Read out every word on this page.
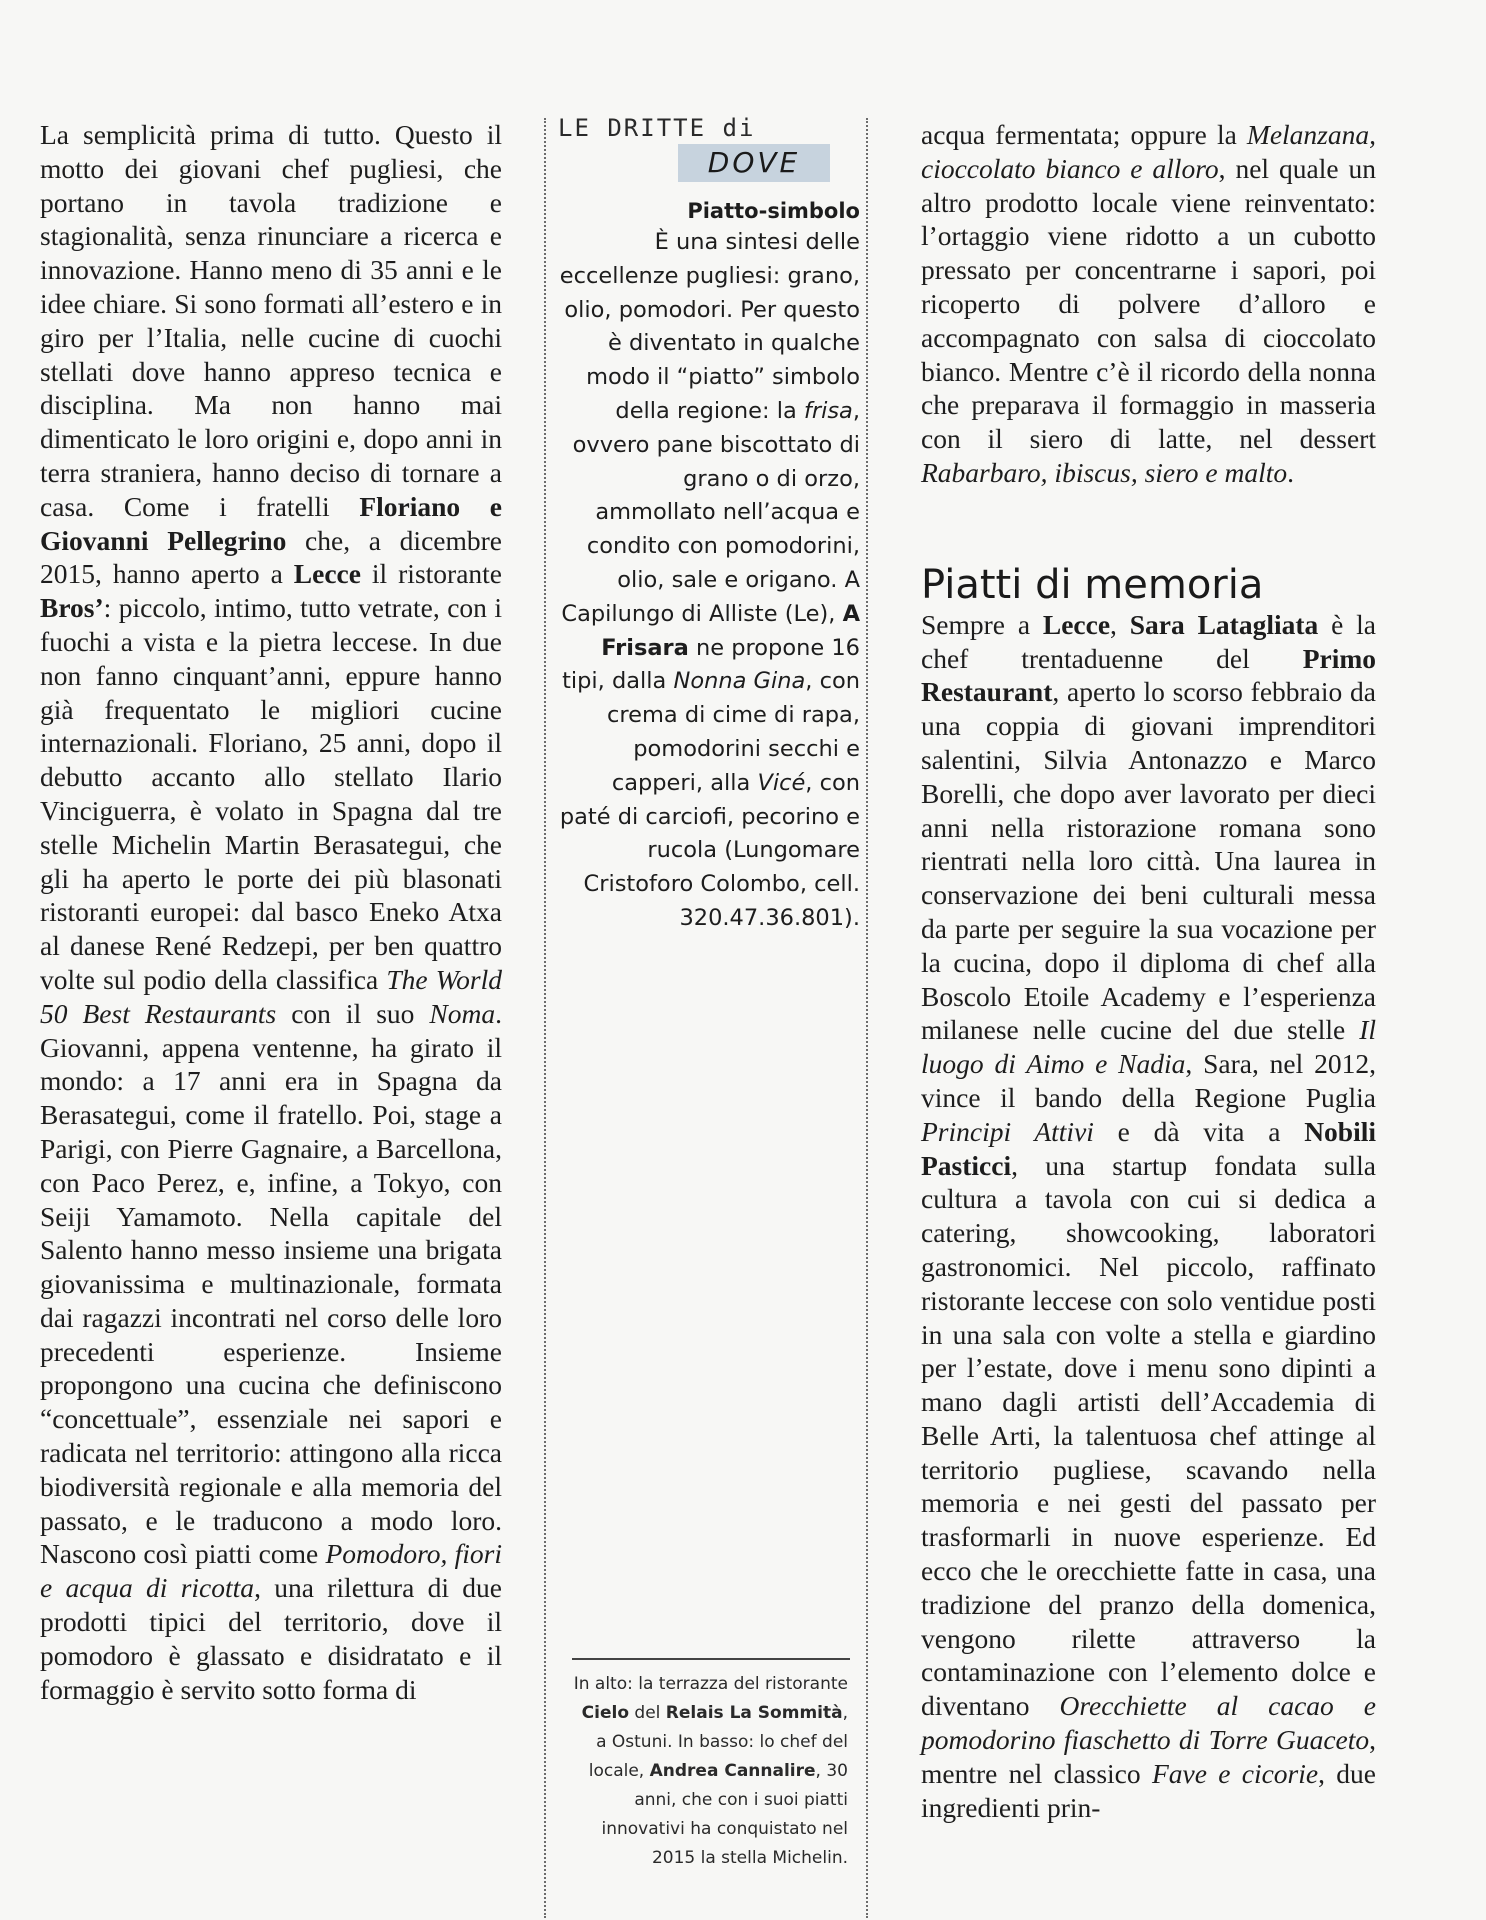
La semplicità prima di tutto. Questo il motto dei giovani chef pugliesi, che portano in tavola tradizione e stagionalità, senza rinunciare a ricerca e innovazione. Hanno meno di 35 anni e le idee chiare. Si sono formati all’estero e in giro per l’Italia, nelle cucine di cuochi stellati dove hanno appreso tecnica e disciplina. Ma non hanno mai dimenticato le loro origini e, dopo anni in terra straniera, hanno deciso di tornare a casa. Come i fratelli Floriano e Giovanni Pellegrino che, a dicembre 2015, hanno aperto a Lecce il ristorante Bros’: piccolo, intimo, tutto vetrate, con i fuochi a vista e la pietra leccese. In due non fanno cinquant’anni, eppure hanno già frequentato le migliori cucine internazionali. Floriano, 25 anni, dopo il debutto accanto allo stellato Ilario Vinciguerra, è volato in Spagna dal tre stelle Michelin Martin Berasategui, che gli ha aperto le porte dei più blasonati ristoranti europei: dal basco Eneko Atxa al danese René Redzepi, per ben quattro volte sul podio della classifica The World 50 Best Restaurants con il suo Noma. Giovanni, appena ventenne, ha girato il mondo: a 17 anni era in Spagna da Berasategui, come il fratello. Poi, stage a Parigi, con Pierre Gagnaire, a Barcellona, con Paco Perez, e, infine, a Tokyo, con Seiji Yamamoto. Nella capitale del Salento hanno messo insieme una brigata giovanissima e multinazionale, formata dai ragazzi incontrati nel corso delle loro precedenti esperienze. Insieme propongono una cucina che definiscono “concettuale”, essenziale nei sapori e radicata nel territorio: attingono alla ricca biodiversità regionale e alla memoria del passato, e le traducono a modo loro. Nascono così piatti come Pomodoro, fiori e acqua di ricotta, una rilettura di due prodotti tipici del territorio, dove il pomodoro è glassato e disidratato e il formaggio è servito sotto forma di

LE DRITTE di
DOVE
Piatto-simbolo

È una sintesi delle eccellenze pugliesi: grano, olio, pomodori. Per questo è diventato in qualche modo il “piatto” simbolo della regione: la frisa, ovvero pane biscottato di grano o di orzo, ammollato nell’acqua e condito con pomodorini, olio, sale e origano. A Capilungo di Alliste (Le), A Frisara ne propone 16 tipi, dalla Nonna Gina, con crema di cime di rapa, pomodorini secchi e capperi, alla Vicé, con paté di carciofi, pecorino e rucola (Lungomare Cristoforo Colombo, cell. 320.47.36.801).

In alto: la terrazza del ristorante Cielo del Relais La Sommità, a Ostuni. In basso: lo chef del locale, Andrea Cannalire, 30 anni, che con i suoi piatti innovativi ha conquistato nel 2015 la stella Michelin.

acqua fermentata; oppure la Melanzana, cioccolato bianco e alloro, nel quale un altro prodotto locale viene reinventato: l’ortaggio viene ridotto a un cubotto pressato per concentrarne i sapori, poi ricoperto di polvere d’alloro e accompagnato con salsa di cioccolato bianco. Mentre c’è il ricordo della nonna che preparava il formaggio in masseria con il siero di latte, nel dessert Rabarbaro, ibiscus, siero e malto.

Piatti di memoria

Sempre a Lecce, Sara Latagliata è la chef trentaduenne del Primo Restaurant, aperto lo scorso febbraio da una coppia di giovani imprenditori salentini, Silvia Antonazzo e Marco Borelli, che dopo aver lavorato per dieci anni nella ristorazione romana sono rientrati nella loro città. Una laurea in conservazione dei beni culturali messa da parte per seguire la sua vocazione per la cucina, dopo il diploma di chef alla Boscolo Etoile Academy e l’esperienza milanese nelle cucine del due stelle Il luogo di Aimo e Nadia, Sara, nel 2012, vince il bando della Regione Puglia Principi Attivi e dà vita a Nobili Pasticci, una startup fondata sulla cultura a tavola con cui si dedica a catering, showcooking, laboratori gastronomici. Nel piccolo, raffinato ristorante leccese con solo ventidue posti in una sala con volte a stella e giardino per l’estate, dove i menu sono dipinti a mano dagli artisti dell’Accademia di Belle Arti, la talentuosa chef attinge al territorio pugliese, scavando nella memoria e nei gesti del passato per trasformarli in nuove esperienze. Ed ecco che le orecchiette fatte in casa, una tradizione del pranzo della domenica, vengono rilette attraverso la contaminazione con l’elemento dolce e diventano Orecchiette al cacao e pomodorino fiaschetto di Torre Guaceto, mentre nel classico Fave e cicorie, due ingredienti prin-
